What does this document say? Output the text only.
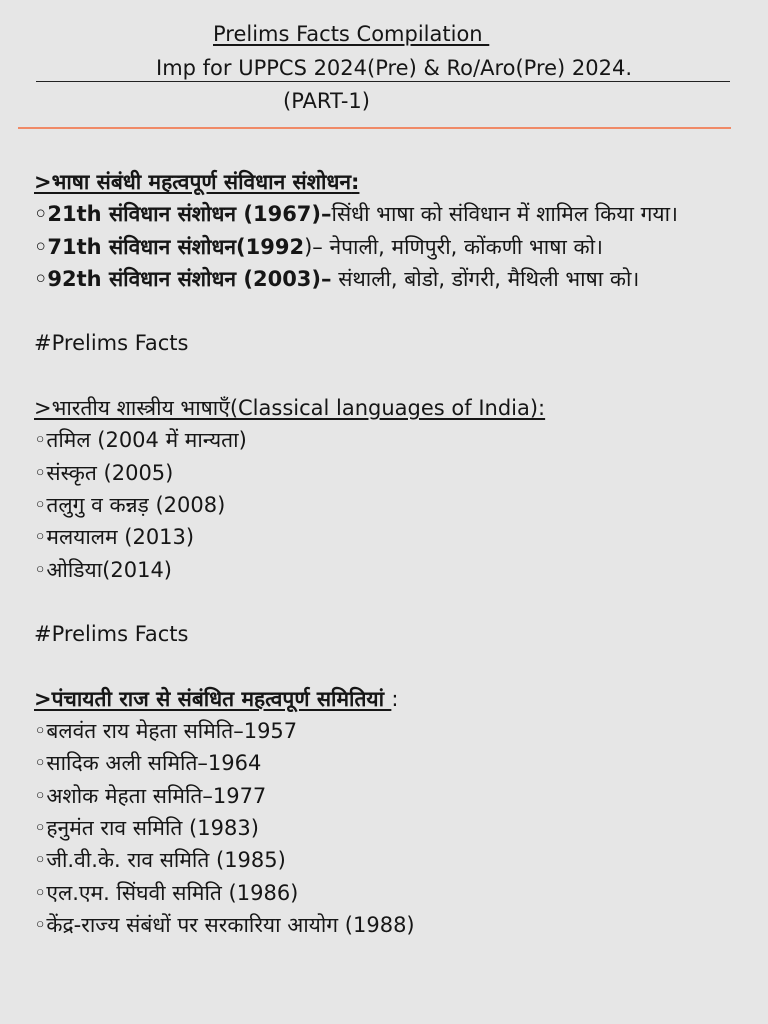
Prelims Facts Compilation
Imp for UPPCS 2024(Pre) & Ro/Aro(Pre) 2024.
(PART-1)
>भाषा संबंधी महत्वपूर्ण संविधान संशोधन:
◦21th संविधान संशोधन (1967)–सिंधी भाषा को संविधान में शामिल किया गया।
◦71th संविधान संशोधन(1992)– नेपाली, मणिपुरी, कोंकणी भाषा को।
◦92th संविधान संशोधन (2003)– संथाली, बोडो, डोंगरी, मैथिली भाषा को।
#Prelims Facts
>भारतीय शास्त्रीय भाषाएँ(Classical languages of India):
◦तमिल (2004 में मान्यता)
◦संस्कृत (2005)
◦तलुगु व कन्नड़ (2008)
◦मलयालम (2013)
◦ओडिया(2014)
#Prelims Facts
>पंचायती राज से संबंधित महत्वपूर्ण समितियां :
◦बलवंत राय मेहता समिति–1957
◦सादिक अली समिति–1964
◦अशोक मेहता समिति–1977
◦हनुमंत राव समिति (1983)
◦जी.वी.के. राव समिति (1985)
◦एल.एम. सिंघवी समिति (1986)
◦केंद्र-राज्य संबंधों पर सरकारिया आयोग (1988)
